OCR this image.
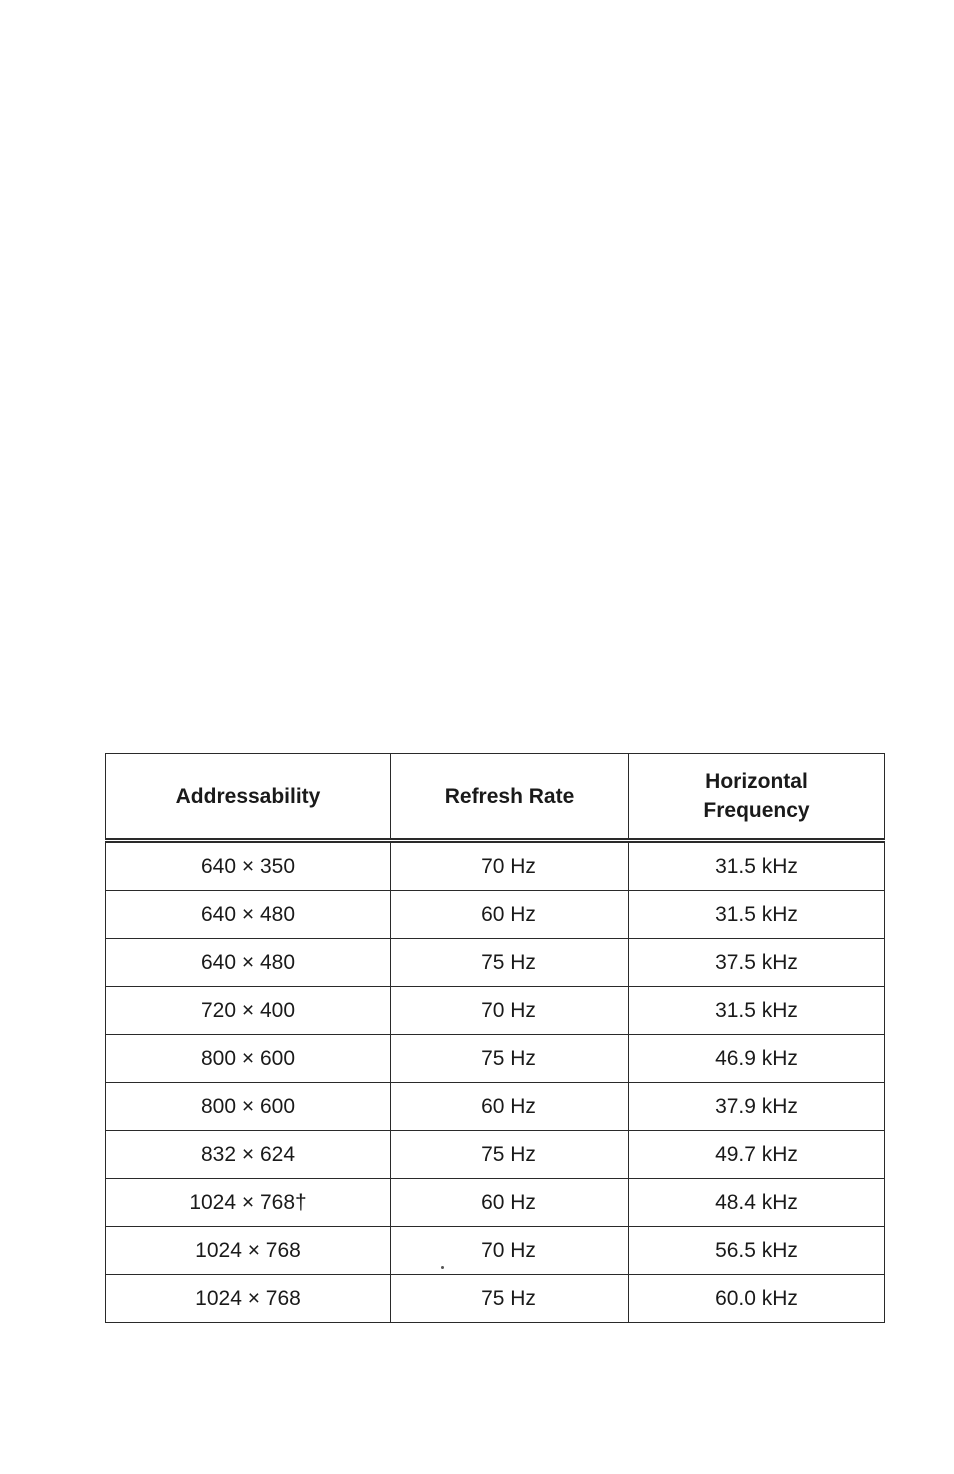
Addressability	Refresh Rate	Horizontal
Frequency
640 × 350	70 Hz	31.5 kHz
640 × 480	60 Hz	31.5 kHz
640 × 480	75 Hz	37.5 kHz
720 × 400	70 Hz	31.5 kHz
800 × 600	75 Hz	46.9 kHz
800 × 600	60 Hz	37.9 kHz
832 × 624	75 Hz	49.7 kHz
1024 × 768†	60 Hz	48.4 kHz
1024 × 768	70 Hz	56.5 kHz
1024 × 768	75 Hz	60.0 kHz
